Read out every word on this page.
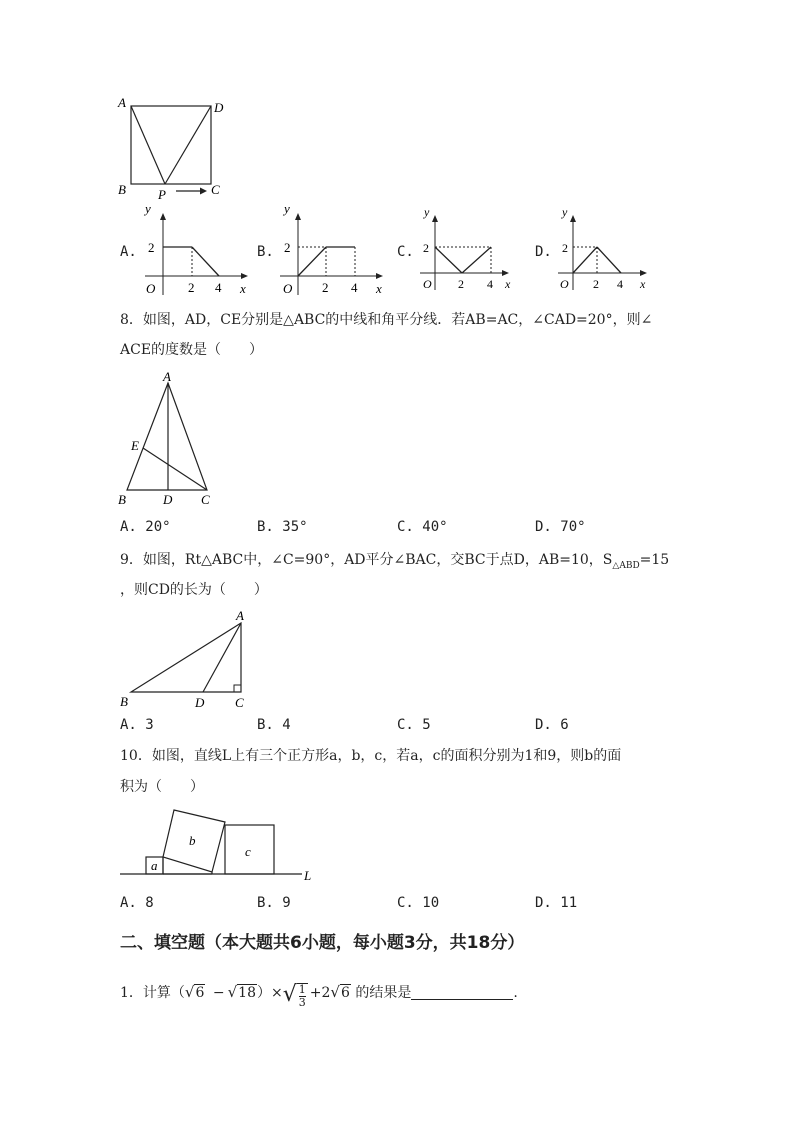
A	D
B	C
P
y
x
O
2
2 4
A.
y
x
O
2
2 4
B.
y
x
O
2
2 4
C.
y
x
O
2
2 4
D.
8．如图，AD，CE分别是△ABC的中线和角平分线．若AB=AC，∠CAD=20°，则∠
ACE的度数是（　　）
A
E
B	D C
A. 20°	B. 35°	C. 40°	D. 70°
9．如图，Rt△ABC中，∠C=90°，AD平分∠BAC，交BC于点D，AB=10，$S_{\triangle ABD}=15$
，则CD的长为（　　）
A
B	D C
A. 3	B. 4	C. 5	D. 6
10．如图，直线L上有三个正方形a，b，c，若a，c的面积分别为1和9，则b的面
积为（　　）
a
b
c
L
A. 8	B. 9	C. 10	D. 11
二、填空题（本大题共6小题，每小题3分，共18分）
1．计算$(√6 - √18)\times√ \frac{1}{3} +2√6$ 的结果是	.
